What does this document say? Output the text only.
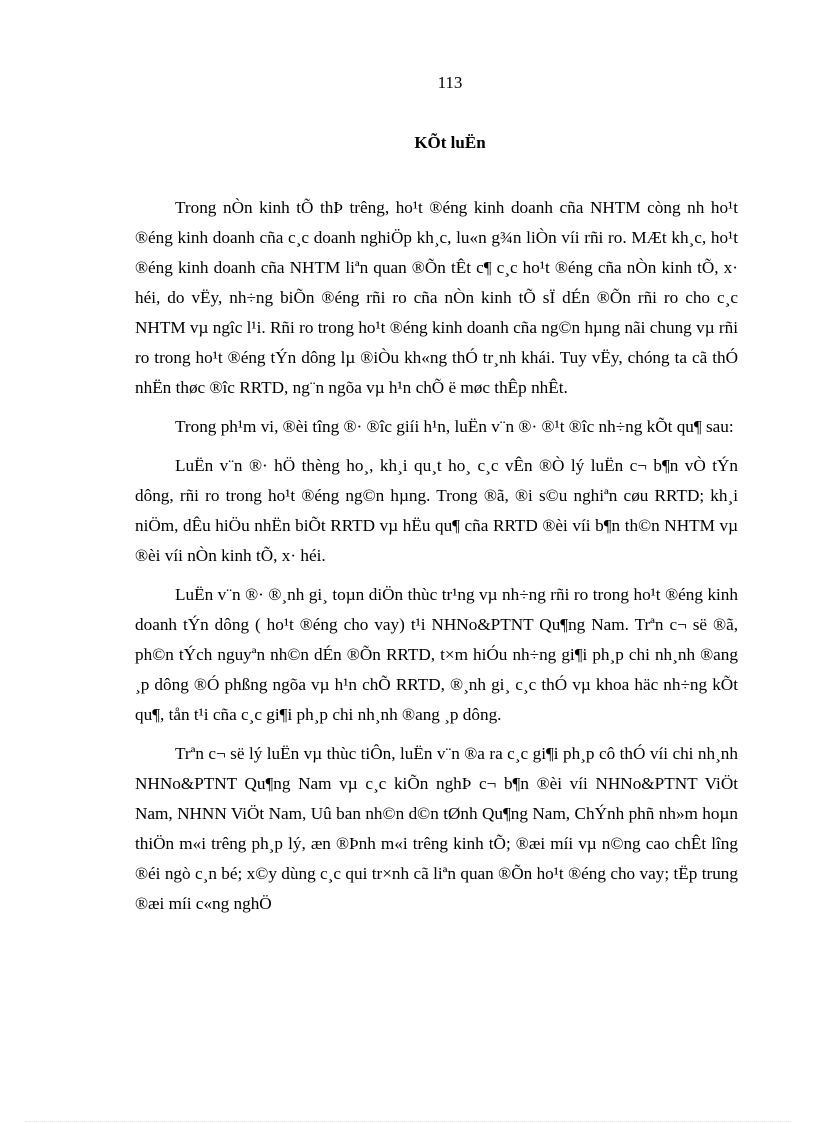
113
KÕt luËn

Trong nÒn kinh tÕ thÞ trêng, ho¹t ®éng kinh doanh cña NHTM còng nh ho¹t ®éng kinh doanh cña c¸c doanh nghiÖp kh¸c, lu«n g¾n liÒn víi rñi ro. MÆt kh¸c, ho¹t ®éng kinh doanh cña NHTM liªn quan ®Õn tÊt c¶ c¸c ho¹t ®éng cña nÒn kinh tÕ, x· héi, do vËy, nh÷ng biÕn ®éng rñi ro cña nÒn kinh tÕ sÏ dÉn ®Õn rñi ro cho c¸c NHTM vµ ngîc l¹i. Rñi ro trong ho¹t ®éng kinh doanh cña ng©n hµng nãi chung vµ rñi ro trong ho¹t ®éng tÝn dông lµ ®iÒu kh«ng thÓ tr¸nh khái. Tuy vËy, chóng ta cã thÓ nhËn thøc ®îc RRTD, ng¨n ngõa vµ h¹n chÕ ë møc thÊp nhÊt.

Trong ph¹m vi, ®èi tîng ®· ®îc giíi h¹n, luËn v¨n ®· ®¹t ®îc nh÷ng kÕt qu¶ sau:

LuËn v¨n ®· hÖ thèng ho¸, kh¸i qu¸t ho¸ c¸c vÊn ®Ò lý luËn c¬ b¶n vÒ tÝn dông, rñi ro trong ho¹t ®éng ng©n hµng. Trong ®ã, ®i s©u nghiªn cøu RRTD; kh¸i niÖm, dÊu hiÖu nhËn biÕt RRTD vµ hËu qu¶ cña RRTD ®èi víi b¶n th©n NHTM vµ ®èi víi nÒn kinh tÕ, x· héi.

LuËn v¨n ®· ®¸nh gi¸ toµn diÖn thùc tr¹ng vµ nh÷ng rñi ro trong ho¹t ®éng kinh doanh tÝn dông ( ho¹t ®éng cho vay) t¹i NHNo&PTNT Qu¶ng Nam. Trªn c¬ së ®ã, ph©n tÝch nguyªn nh©n dÉn ®Õn RRTD, t×m hiÓu nh÷ng gi¶i ph¸p chi nh¸nh ®ang ¸p dông ®Ó phßng ngõa vµ h¹n chÕ RRTD, ®¸nh gi¸ c¸c thÓ vµ khoa häc nh÷ng kÕt qu¶, tån t¹i cña c¸c gi¶i ph¸p chi nh¸nh ®ang ¸p dông.

Trªn c¬ së lý luËn vµ thùc tiÔn, luËn v¨n ®a ra c¸c gi¶i ph¸p cô thÓ víi chi nh¸nh NHNo&PTNT Qu¶ng Nam vµ c¸c kiÕn nghÞ c¬ b¶n ®èi víi NHNo&PTNT ViÖt Nam, NHNN ViÖt Nam, Uû ban nh©n d©n tØnh Qu¶ng Nam, ChÝnh phñ nh»m hoµn thiÖn m«i trêng ph¸p lý, æn ®Þnh m«i trêng kinh tÕ; ®æi míi vµ n©ng cao chÊt lîng ®éi ngò c¸n bé; x©y dùng c¸c qui tr×nh cã liªn quan ®Õn ho¹t ®éng cho vay; tËp trung ®æi míi c«ng nghÖ
